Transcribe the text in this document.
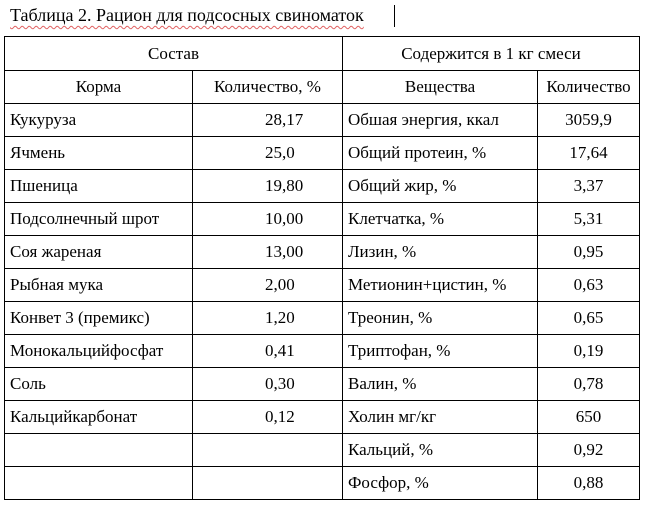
Таблица 2. Рацион для подсосных свиноматок
Состав		Содержится в 1 кг смеси	
Корма	Количество, %	Вещества	Количество
Кукуруза	28,17	Обшая энергия, ккал	3059,9
Ячмень	25,0	Общий протеин, %	17,64
Пшеница	19,80	Общий жир, %	3,37
Подсолнечный шрот	10,00	Клетчатка, %	5,31
Соя жареная	13,00	Лизин, %	0,95
Рыбная мука	2,00	Метионин+цистин, %	0,63
Конвет 3 (премикс)	1,20	Треонин, %	0,65
Монокальцийфосфат	0,41	Триптофан, %	0,19
Соль	0,30	Валин, %	0,78
Кальцийкарбонат	0,12	Холин мг/кг	650
		Кальций, %	0,92
		Фосфор, %	0,88
